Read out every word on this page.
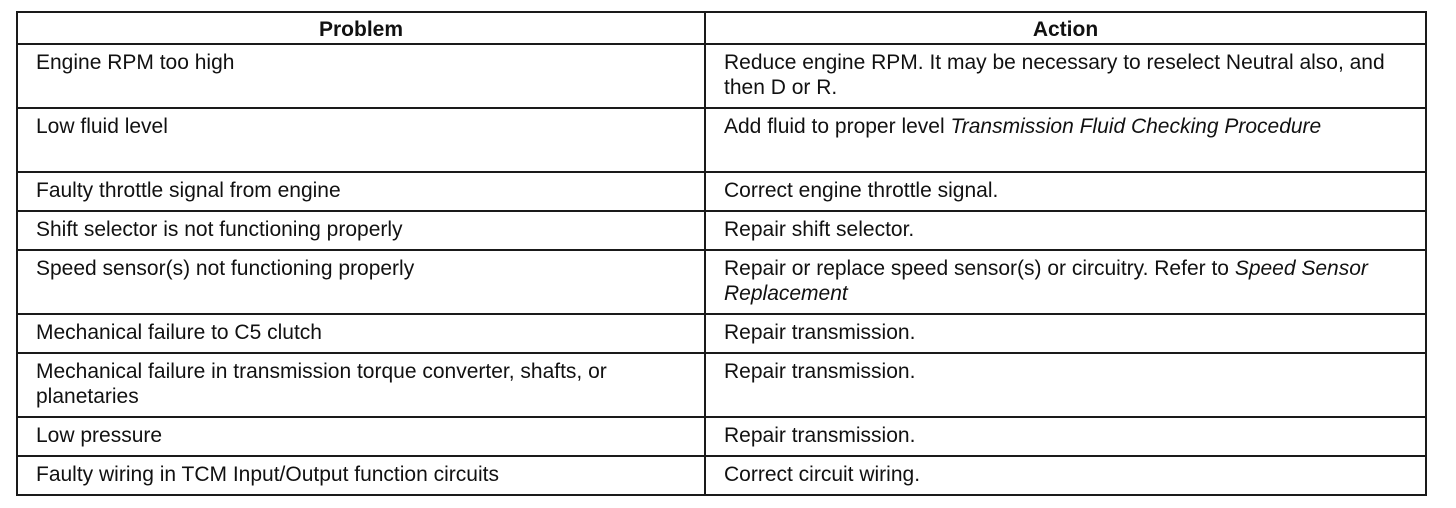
Problem	Action
Engine RPM too high	Reduce engine RPM. It may be necessary to reselect Neutral also, and then D or R.
Low fluid level	Add fluid to proper level Transmission Fluid Checking Procedure
Faulty throttle signal from engine	Correct engine throttle signal.
Shift selector is not functioning properly	Repair shift selector.
Speed sensor(s) not functioning properly	Repair or replace speed sensor(s) or circuitry. Refer to Speed Sensor Replacement
Mechanical failure to C5 clutch	Repair transmission.
Mechanical failure in transmission torque converter, shafts, or planetaries	Repair transmission.
Low pressure	Repair transmission.
Faulty wiring in TCM Input/Output function circuits	Correct circuit wiring.
